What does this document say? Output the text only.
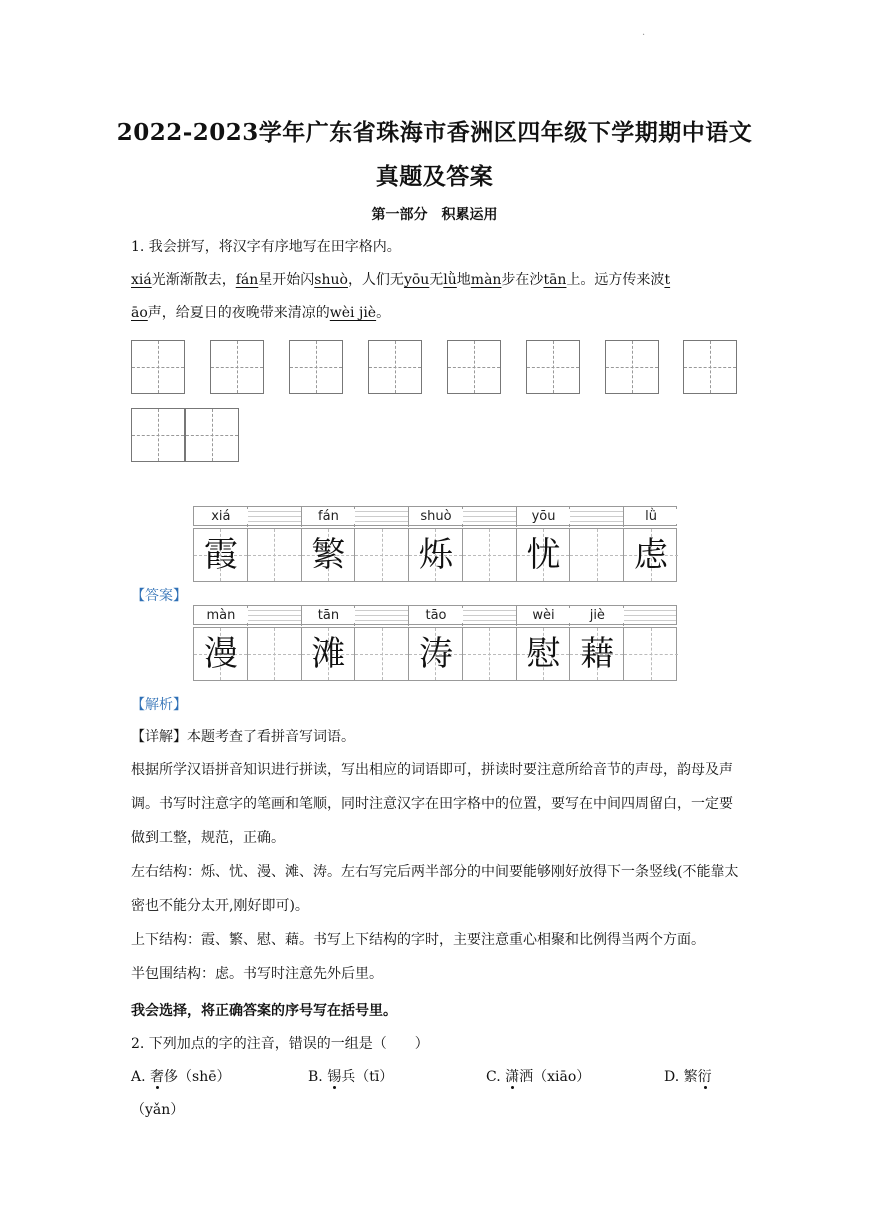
·
2022-2023学年广东省珠海市香洲区四年级下学期期中语文
真题及答案
第一部分　积累运用
1. 我会拼写，将汉字有序地写在田字格内。
xiá光渐渐散去，fán星开始闪shuò，人们无yōu无lǜ地màn步在沙tān上。远方传来波t
āo声，给夏日的夜晚带来清凉的wèi jiè。
xiá	fán	shuò	yōu	lǜ
霞 繁 烁 忧 虑
【答案】
màn	tān	tāo	wèi	jiè
漫 滩 涛 慰 藉
【解析】
【详解】本题考查了看拼音写词语。
根据所学汉语拼音知识进行拼读，写出相应的词语即可，拼读时要注意所给音节的声母，韵母及声调。书写时注意字的笔画和笔顺，同时注意汉字在田字格中的位置，要写在中间四周留白，一定要做到工整，规范，正确。
左右结构：烁、忧、漫、滩、涛。左右写完后两半部分的中间要能够刚好放得下一条竖线(不能靠太密也不能分太开,刚好即可)。
上下结构：霞、繁、慰、藉。书写上下结构的字时，主要注意重心相聚和比例得当两个方面。
半包围结构：虑。书写时注意先外后里。
我会选择，将正确答案的序号写在括号里。
2. 下列加点的字的注音，错误的一组是（　　）
A. 奢侈（shē）	B. 锡兵（tī）	C. 潇洒（xiāo）	D. 繁衍
（yǎn）
